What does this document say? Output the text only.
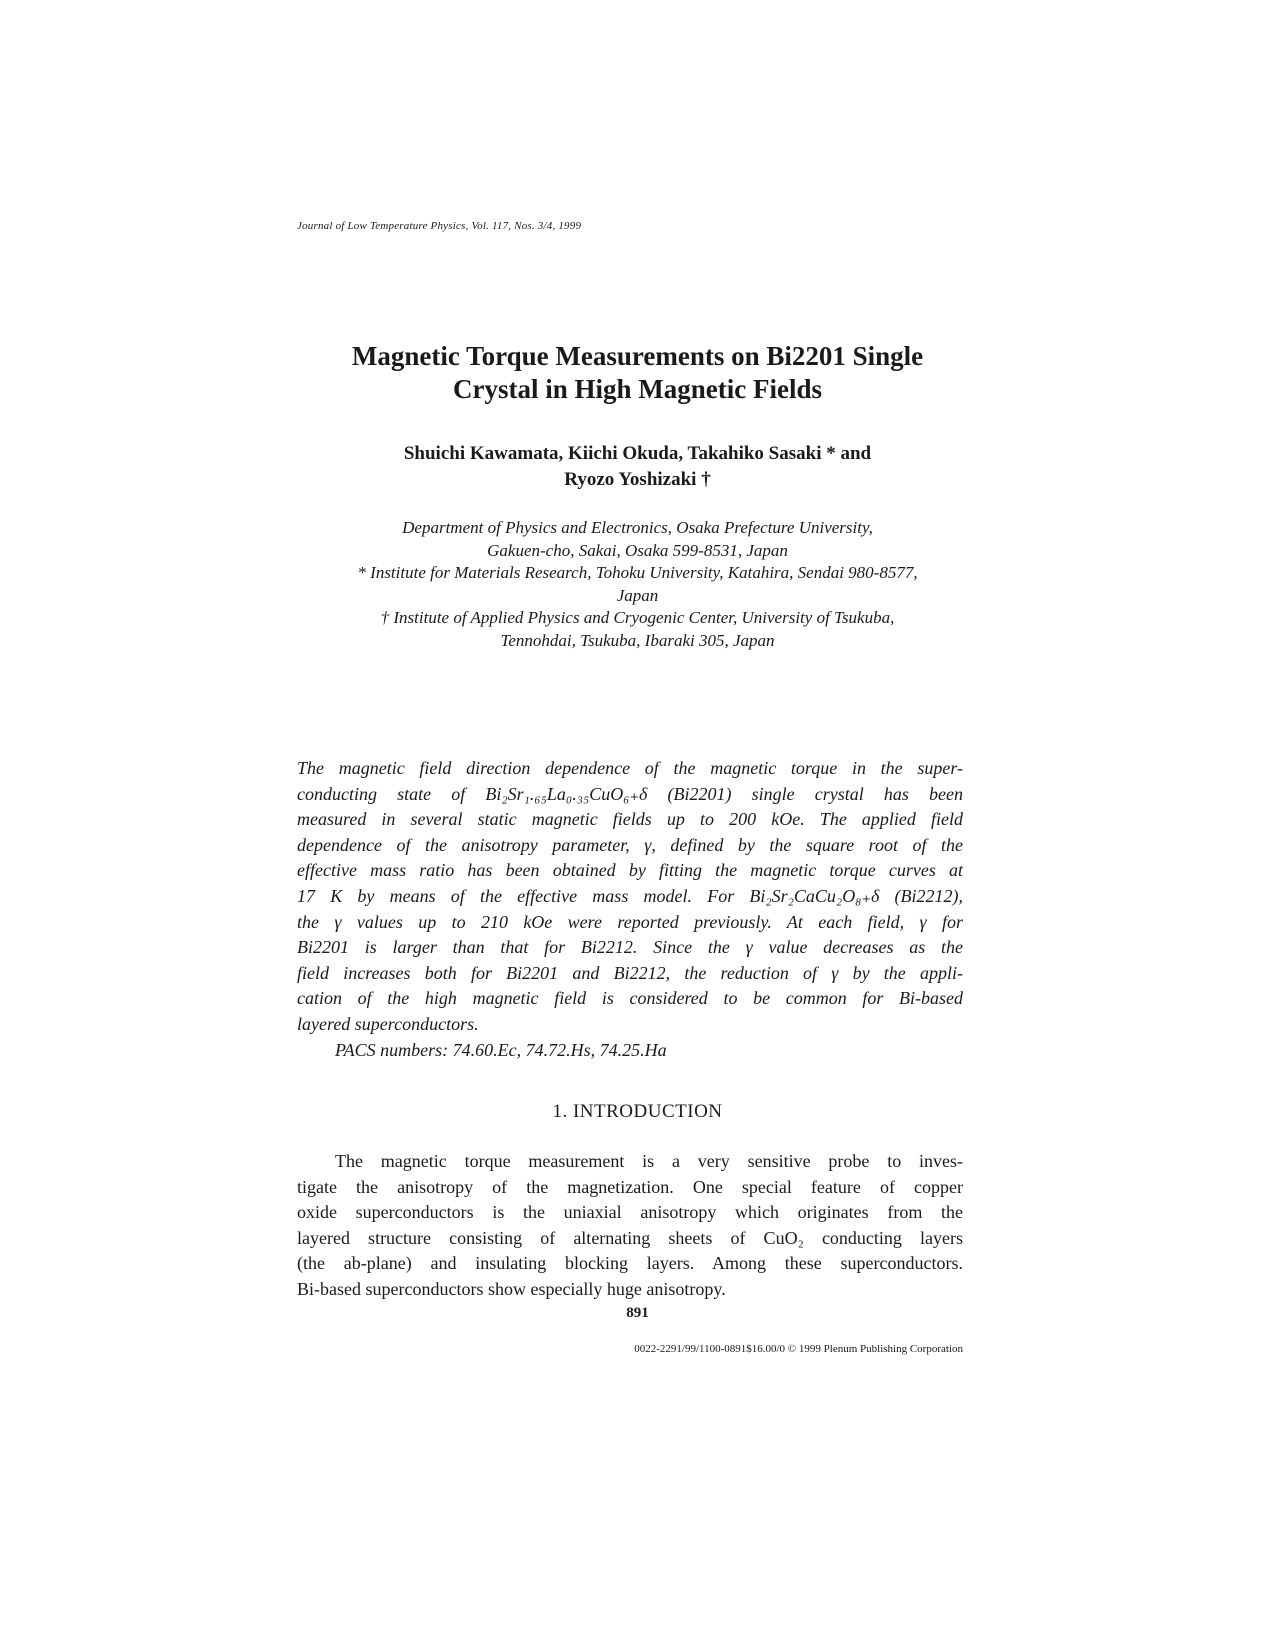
Journal of Low Temperature Physics, Vol. 117, Nos. 3/4, 1999
Magnetic Torque Measurements on Bi2201 Single
Crystal in High Magnetic Fields
Shuichi Kawamata, Kiichi Okuda, Takahiko Sasaki * and
Ryozo Yoshizaki †
Department of Physics and Electronics, Osaka Prefecture University,
Gakuen-cho, Sakai, Osaka 599-8531, Japan
* Institute for Materials Research, Tohoku University, Katahira, Sendai 980-8577,
Japan
† Institute of Applied Physics and Cryogenic Center, University of Tsukuba,
Tennohdai, Tsukuba, Ibaraki 305, Japan
The magnetic field direction dependence of the magnetic torque in the super-
conducting state of Bi₂Sr₁.₆₅La₀.₃₅CuO₆₊δ (Bi2201) single crystal has been
measured in several static magnetic fields up to 200 kOe. The applied field
dependence of the anisotropy parameter, γ, defined by the square root of the
effective mass ratio has been obtained by fitting the magnetic torque curves at
17 K by means of the effective mass model. For Bi₂Sr₂CaCu₂O₈₊δ (Bi2212),
the γ values up to 210 kOe were reported previously. At each field, γ for
Bi2201 is larger than that for Bi2212. Since the γ value decreases as the
field increases both for Bi2201 and Bi2212, the reduction of γ by the appli-
cation of the high magnetic field is considered to be common for Bi-based
layered superconductors.
PACS numbers: 74.60.Ec, 74.72.Hs, 74.25.Ha
1. INTRODUCTION
The magnetic torque measurement is a very sensitive probe to inves-
tigate the anisotropy of the magnetization. One special feature of copper
oxide superconductors is the uniaxial anisotropy which originates from the
layered structure consisting of alternating sheets of CuO₂ conducting layers
(the ab-plane) and insulating blocking layers. Among these superconductors.
Bi-based superconductors show especially huge anisotropy.
891
0022-2291/99/1100-0891$16.00/0 © 1999 Plenum Publishing Corporation
